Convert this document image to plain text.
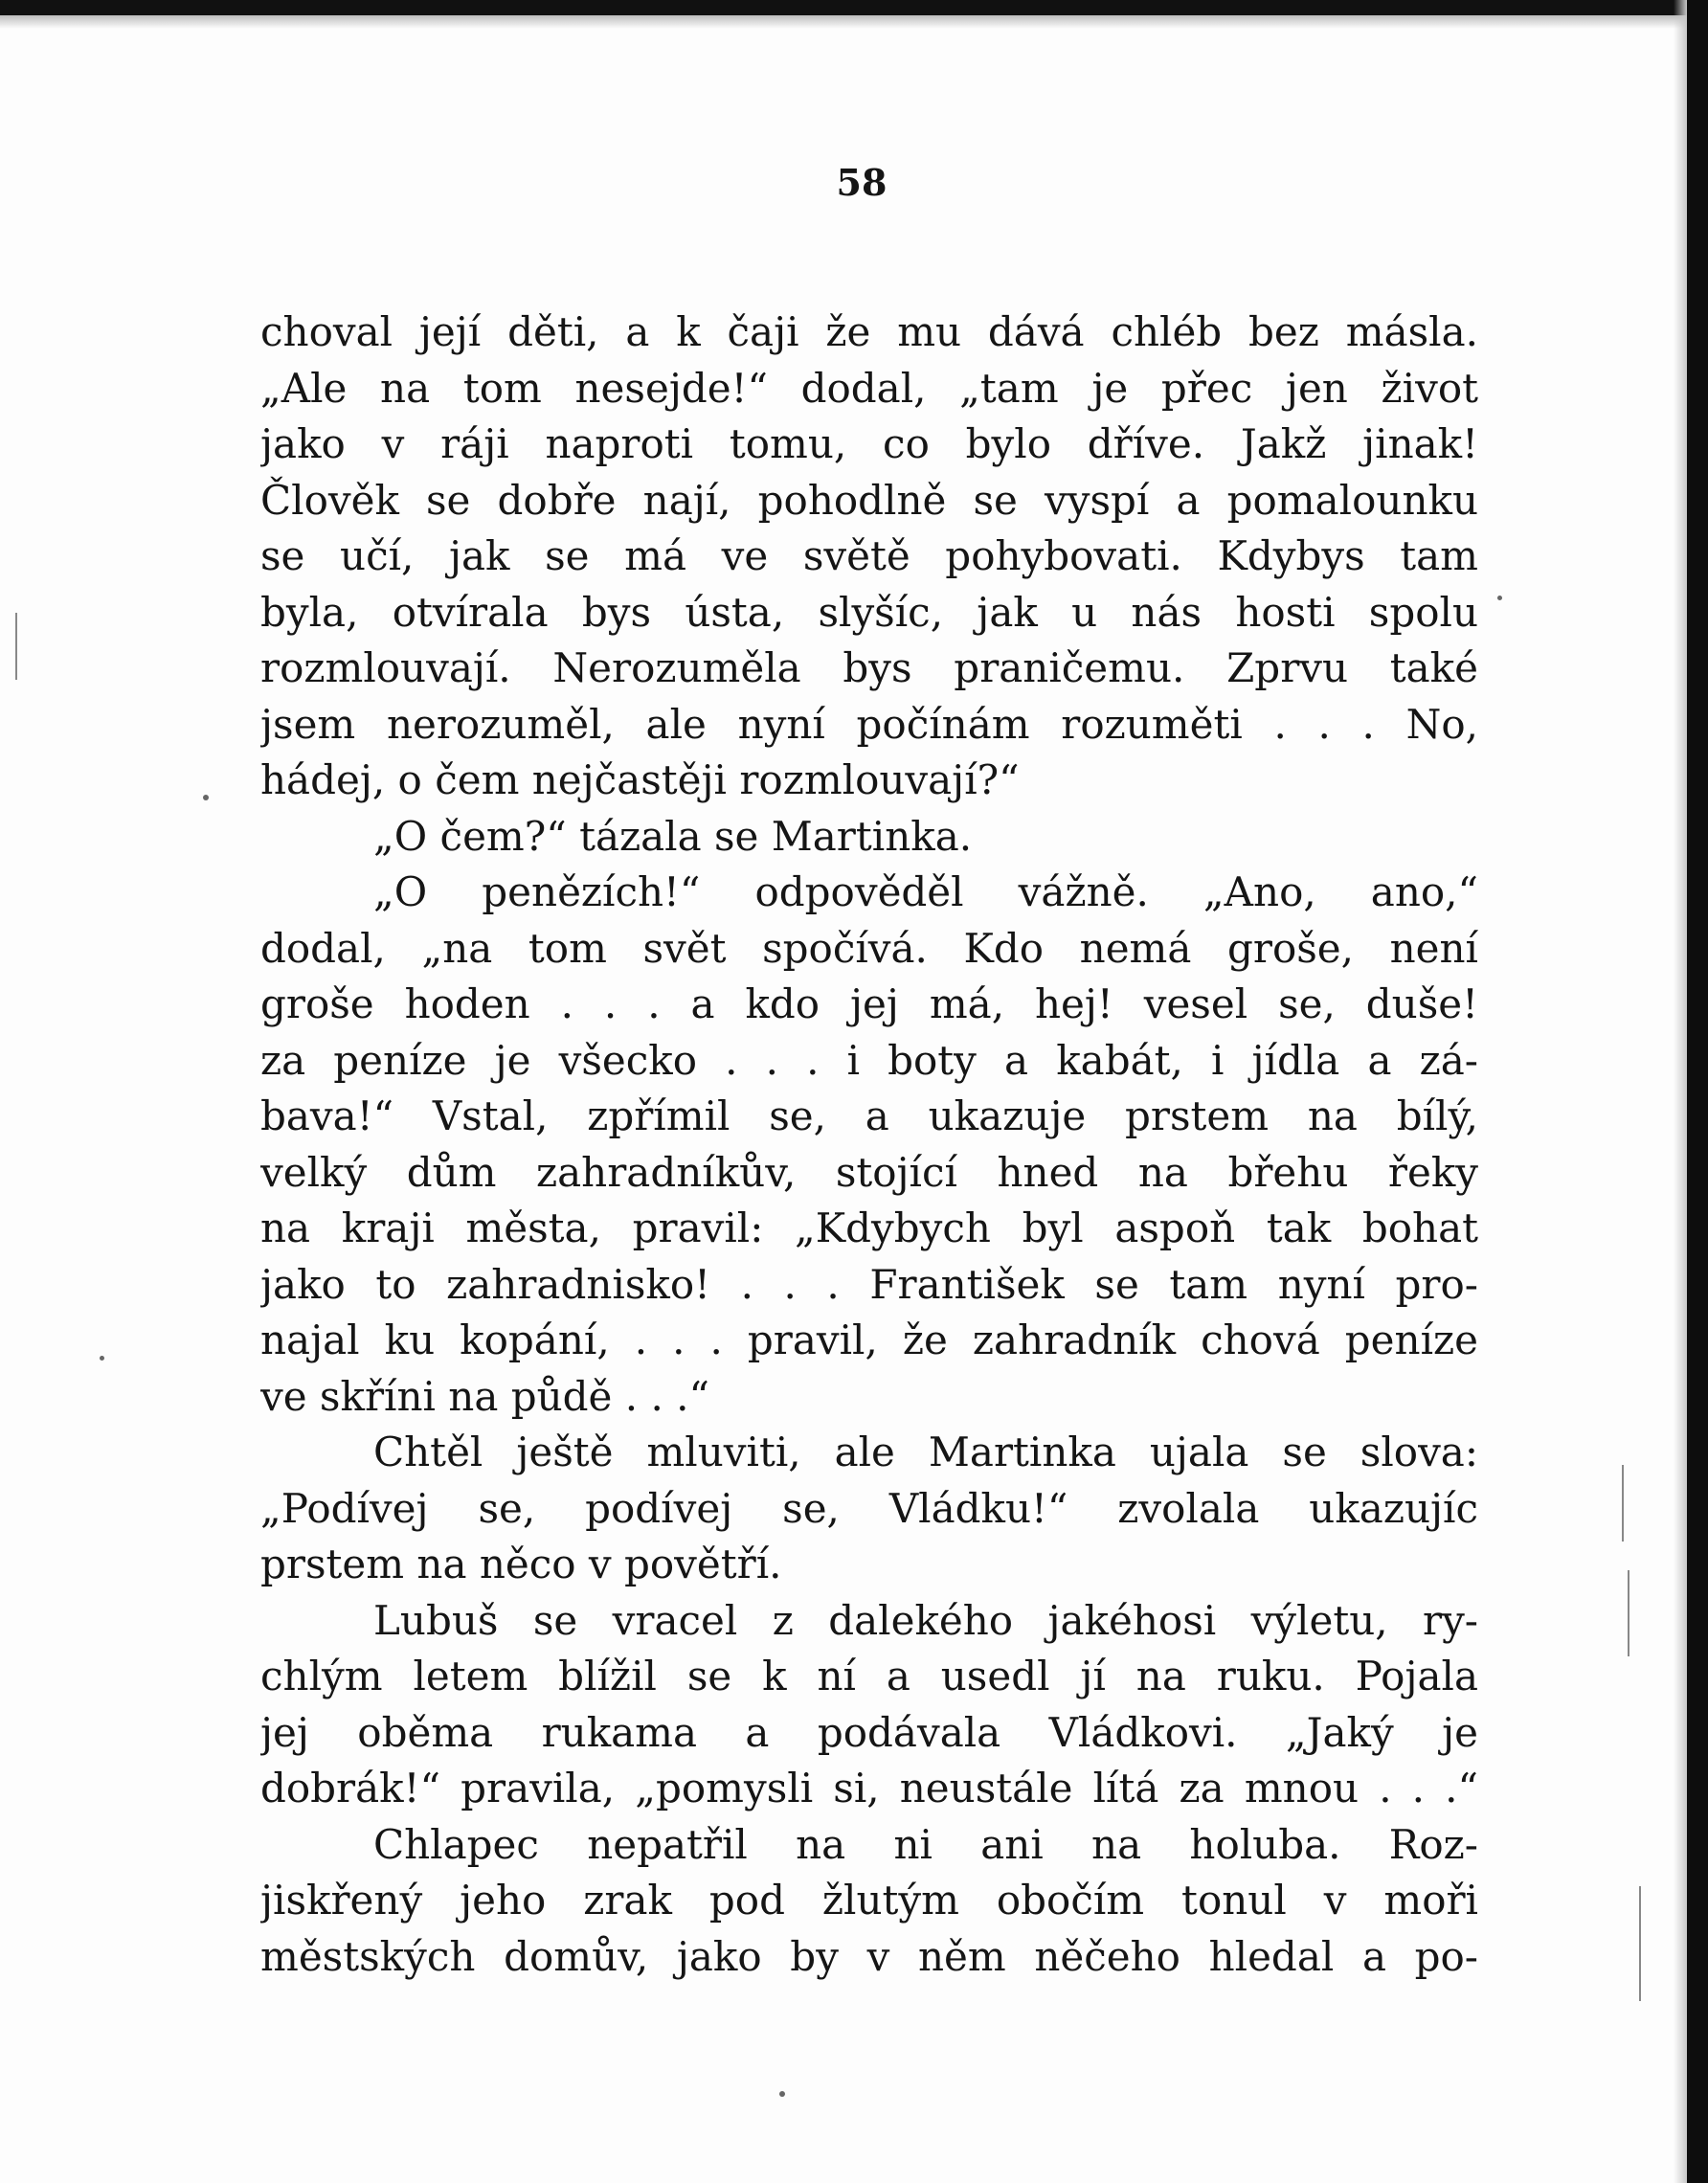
58
choval její děti, a k čaji že mu dává chléb bez másla.
„Ale na tom nesejde!“ dodal, „tam je přec jen život
jako v ráji naproti tomu, co bylo dříve. Jakž jinak!
Člověk se dobře nají, pohodlně se vyspí a pomalounku
se učí, jak se má ve světě pohybovati. Kdybys tam
byla, otvírala bys ústa, slyšíc, jak u nás hosti spolu
rozmlouvají. Nerozuměla bys praničemu. Zprvu také
jsem nerozuměl, ale nyní počínám rozuměti . . . No,
hádej, o čem nejčastěji rozmlouvají?“
„O čem?“ tázala se Martinka.
„O penězích!“ odpověděl vážně. „Ano, ano,“
dodal, „na tom svět spočívá. Kdo nemá groše, není
groše hoden . . . a kdo jej má, hej! vesel se, duše!
za peníze je všecko . . . i boty a kabát, i jídla a zá-
bava!“ Vstal, zpřímil se, a ukazuje prstem na bílý,
velký dům zahradníkův, stojící hned na břehu řeky
na kraji města, pravil: „Kdybych byl aspoň tak bohat
jako to zahradnisko! . . . František se tam nyní pro-
najal ku kopání, . . . pravil, že zahradník chová peníze
ve skříni na půdě . . .“
Chtěl ještě mluviti, ale Martinka ujala se slova:
„Podívej se, podívej se, Vládku!“ zvolala ukazujíc
prstem na něco v povětří.
Lubuš se vracel z dalekého jakéhosi výletu, ry-
chlým letem blížil se k ní a usedl jí na ruku. Pojala
jej oběma rukama a podávala Vládkovi. „Jaký je
dobrák!“ pravila, „pomysli si, neustále lítá za mnou . . .“
Chlapec nepatřil na ni ani na holuba. Roz-
jiskřený jeho zrak pod žlutým obočím tonul v moři
městských domův, jako by v něm něčeho hledal a po-
